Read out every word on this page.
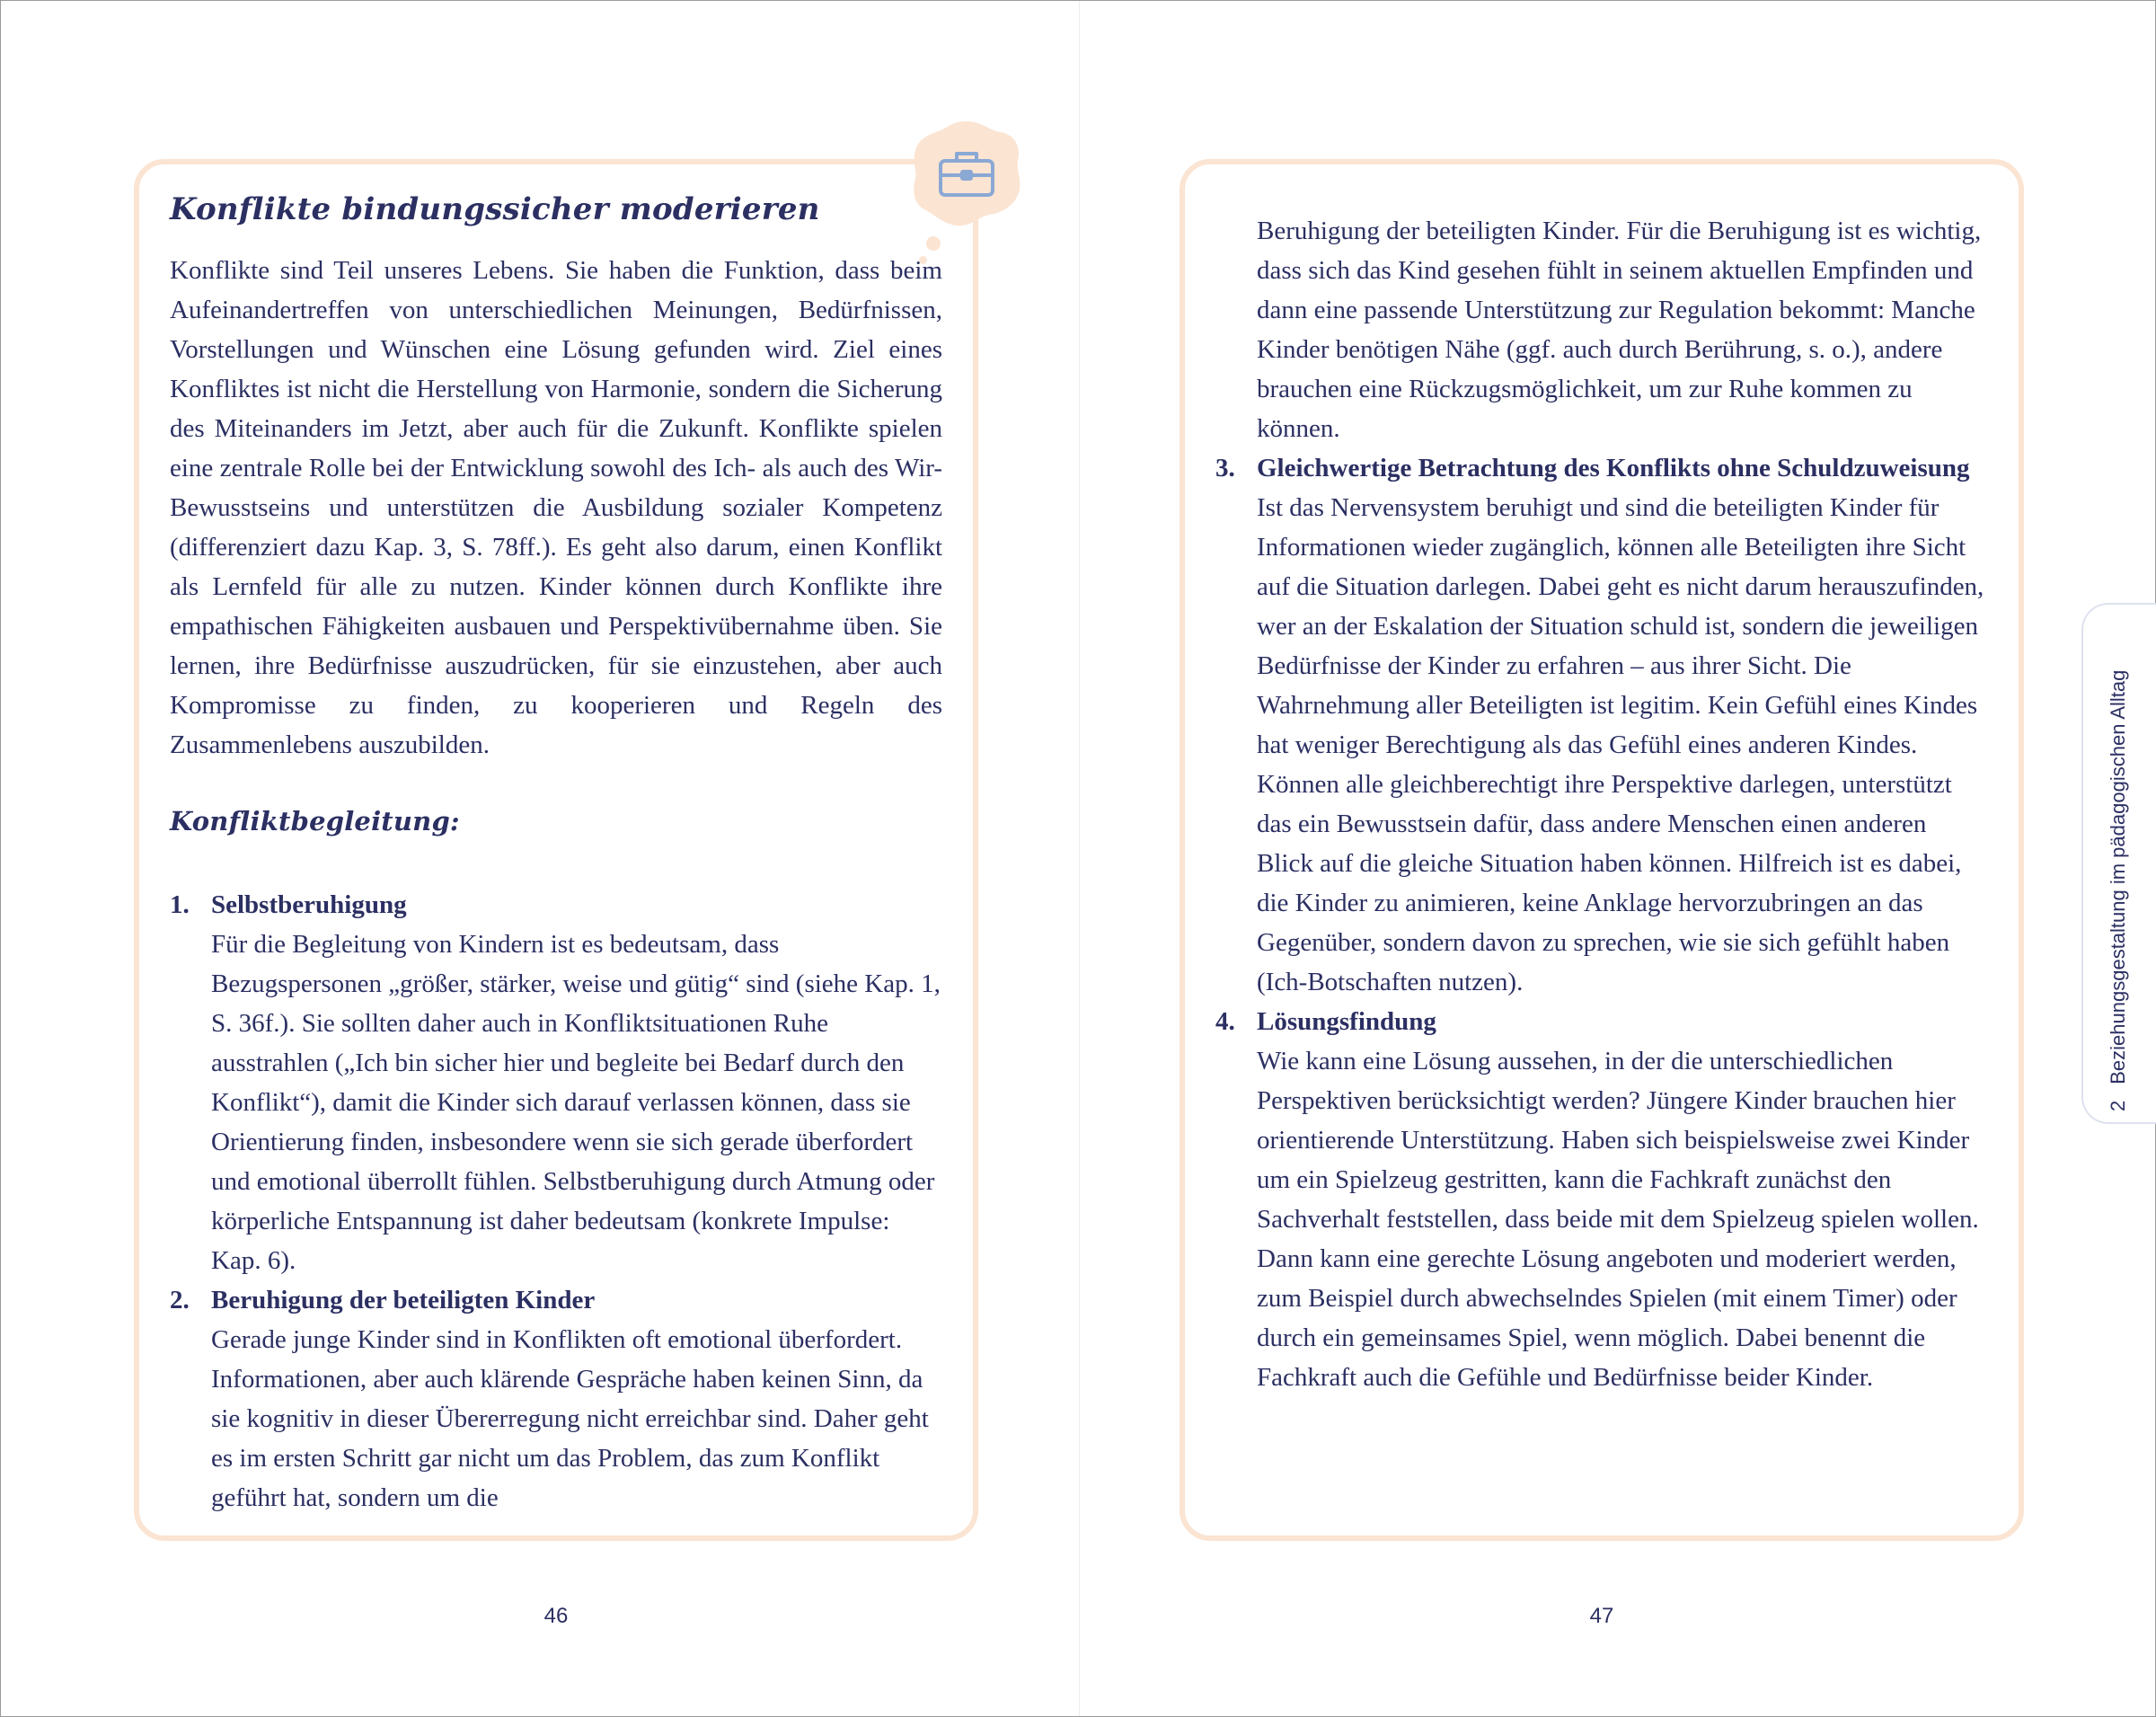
Konflikte bindungssicher moderieren
Konflikte sind Teil unseres Lebens. Sie haben die Funktion, dass beim Aufeinandertreffen von unterschiedlichen Meinungen, Bedürfnissen, Vorstellungen und Wünschen eine Lösung gefunden wird. Ziel eines Konfliktes ist nicht die Herstellung von Harmonie, sondern die Sicherung des Miteinanders im Jetzt, aber auch für die Zukunft. Konflikte spielen eine zentrale Rolle bei der Entwicklung sowohl des Ich- als auch des Wir-Bewusstseins und unterstützen die Ausbildung sozialer Kompetenz (differenziert dazu Kap. 3, S. 78ff.). Es geht also darum, einen Konflikt als Lernfeld für alle zu nutzen. Kinder können durch Konflikte ihre empathischen Fähigkeiten ausbauen und Perspektivübernahme üben. Sie lernen, ihre Bedürfnisse auszudrücken, für sie einzustehen, aber auch Kompromisse zu finden, zu kooperieren und Regeln des Zusammenlebens auszubilden.
Konfliktbegleitung:
1. Selbstberuhigung
Für die Begleitung von Kindern ist es bedeutsam, dass Bezugspersonen „größer, stärker, weise und gütig“ sind (siehe Kap. 1, S. 36f.). Sie sollten daher auch in Konfliktsituationen Ruhe ausstrahlen („Ich bin sicher hier und begleite bei Bedarf durch den Konflikt“), damit die Kinder sich darauf verlassen können, dass sie Orientierung finden, insbesondere wenn sie sich gerade überfordert und emotional überrollt fühlen. Selbstberuhigung durch Atmung oder körperliche Entspannung ist daher bedeutsam (konkrete Impulse: Kap. 6).
2. Beruhigung der beteiligten Kinder
Gerade junge Kinder sind in Konflikten oft emotional überfordert. Informationen, aber auch klärende Gespräche haben keinen Sinn, da sie kognitiv in dieser Übererregung nicht erreichbar sind. Daher geht es im ersten Schritt gar nicht um das Problem, das zum Konflikt geführt hat, sondern um die
46
Beruhigung der beteiligten Kinder. Für die Beruhigung ist es wichtig, dass sich das Kind gesehen fühlt in seinem aktuellen Empfinden und dann eine passende Unterstützung zur Regulation bekommt: Manche Kinder benötigen Nähe (ggf. auch durch Berührung, s. o.), andere brauchen eine Rückzugsmöglichkeit, um zur Ruhe kommen zu können.
3. Gleichwertige Betrachtung des Konflikts ohne Schuldzuweisung
Ist das Nervensystem beruhigt und sind die beteiligten Kinder für Informationen wieder zugänglich, können alle Beteiligten ihre Sicht auf die Situation darlegen. Dabei geht es nicht darum herauszufinden, wer an der Eskalation der Situation schuld ist, sondern die jeweiligen Bedürfnisse der Kinder zu erfahren – aus ihrer Sicht. Die Wahrnehmung aller Beteiligten ist legitim. Kein Gefühl eines Kindes hat weniger Berechtigung als das Gefühl eines anderen Kindes. Können alle gleichberechtigt ihre Perspektive darlegen, unterstützt das ein Bewusstsein dafür, dass andere Menschen einen anderen Blick auf die gleiche Situation haben können. Hilfreich ist es dabei, die Kinder zu animieren, keine Anklage hervorzubringen an das Gegenüber, sondern davon zu sprechen, wie sie sich gefühlt haben (Ich-Botschaften nutzen).
4. Lösungsfindung
Wie kann eine Lösung aussehen, in der die unterschiedlichen Perspektiven berücksichtigt werden? Jüngere Kinder brauchen hier orientierende Unterstützung. Haben sich beispielsweise zwei Kinder um ein Spielzeug gestritten, kann die Fachkraft zunächst den Sachverhalt feststellen, dass beide mit dem Spielzeug spielen wollen. Dann kann eine gerechte Lösung angeboten und moderiert werden, zum Beispiel durch abwechselndes Spielen (mit einem Timer) oder durch ein gemeinsames Spiel, wenn möglich. Dabei benennt die Fachkraft auch die Gefühle und Bedürfnisse beider Kinder.
47
2Beziehungsgestaltung im pädagogischen Alltag
